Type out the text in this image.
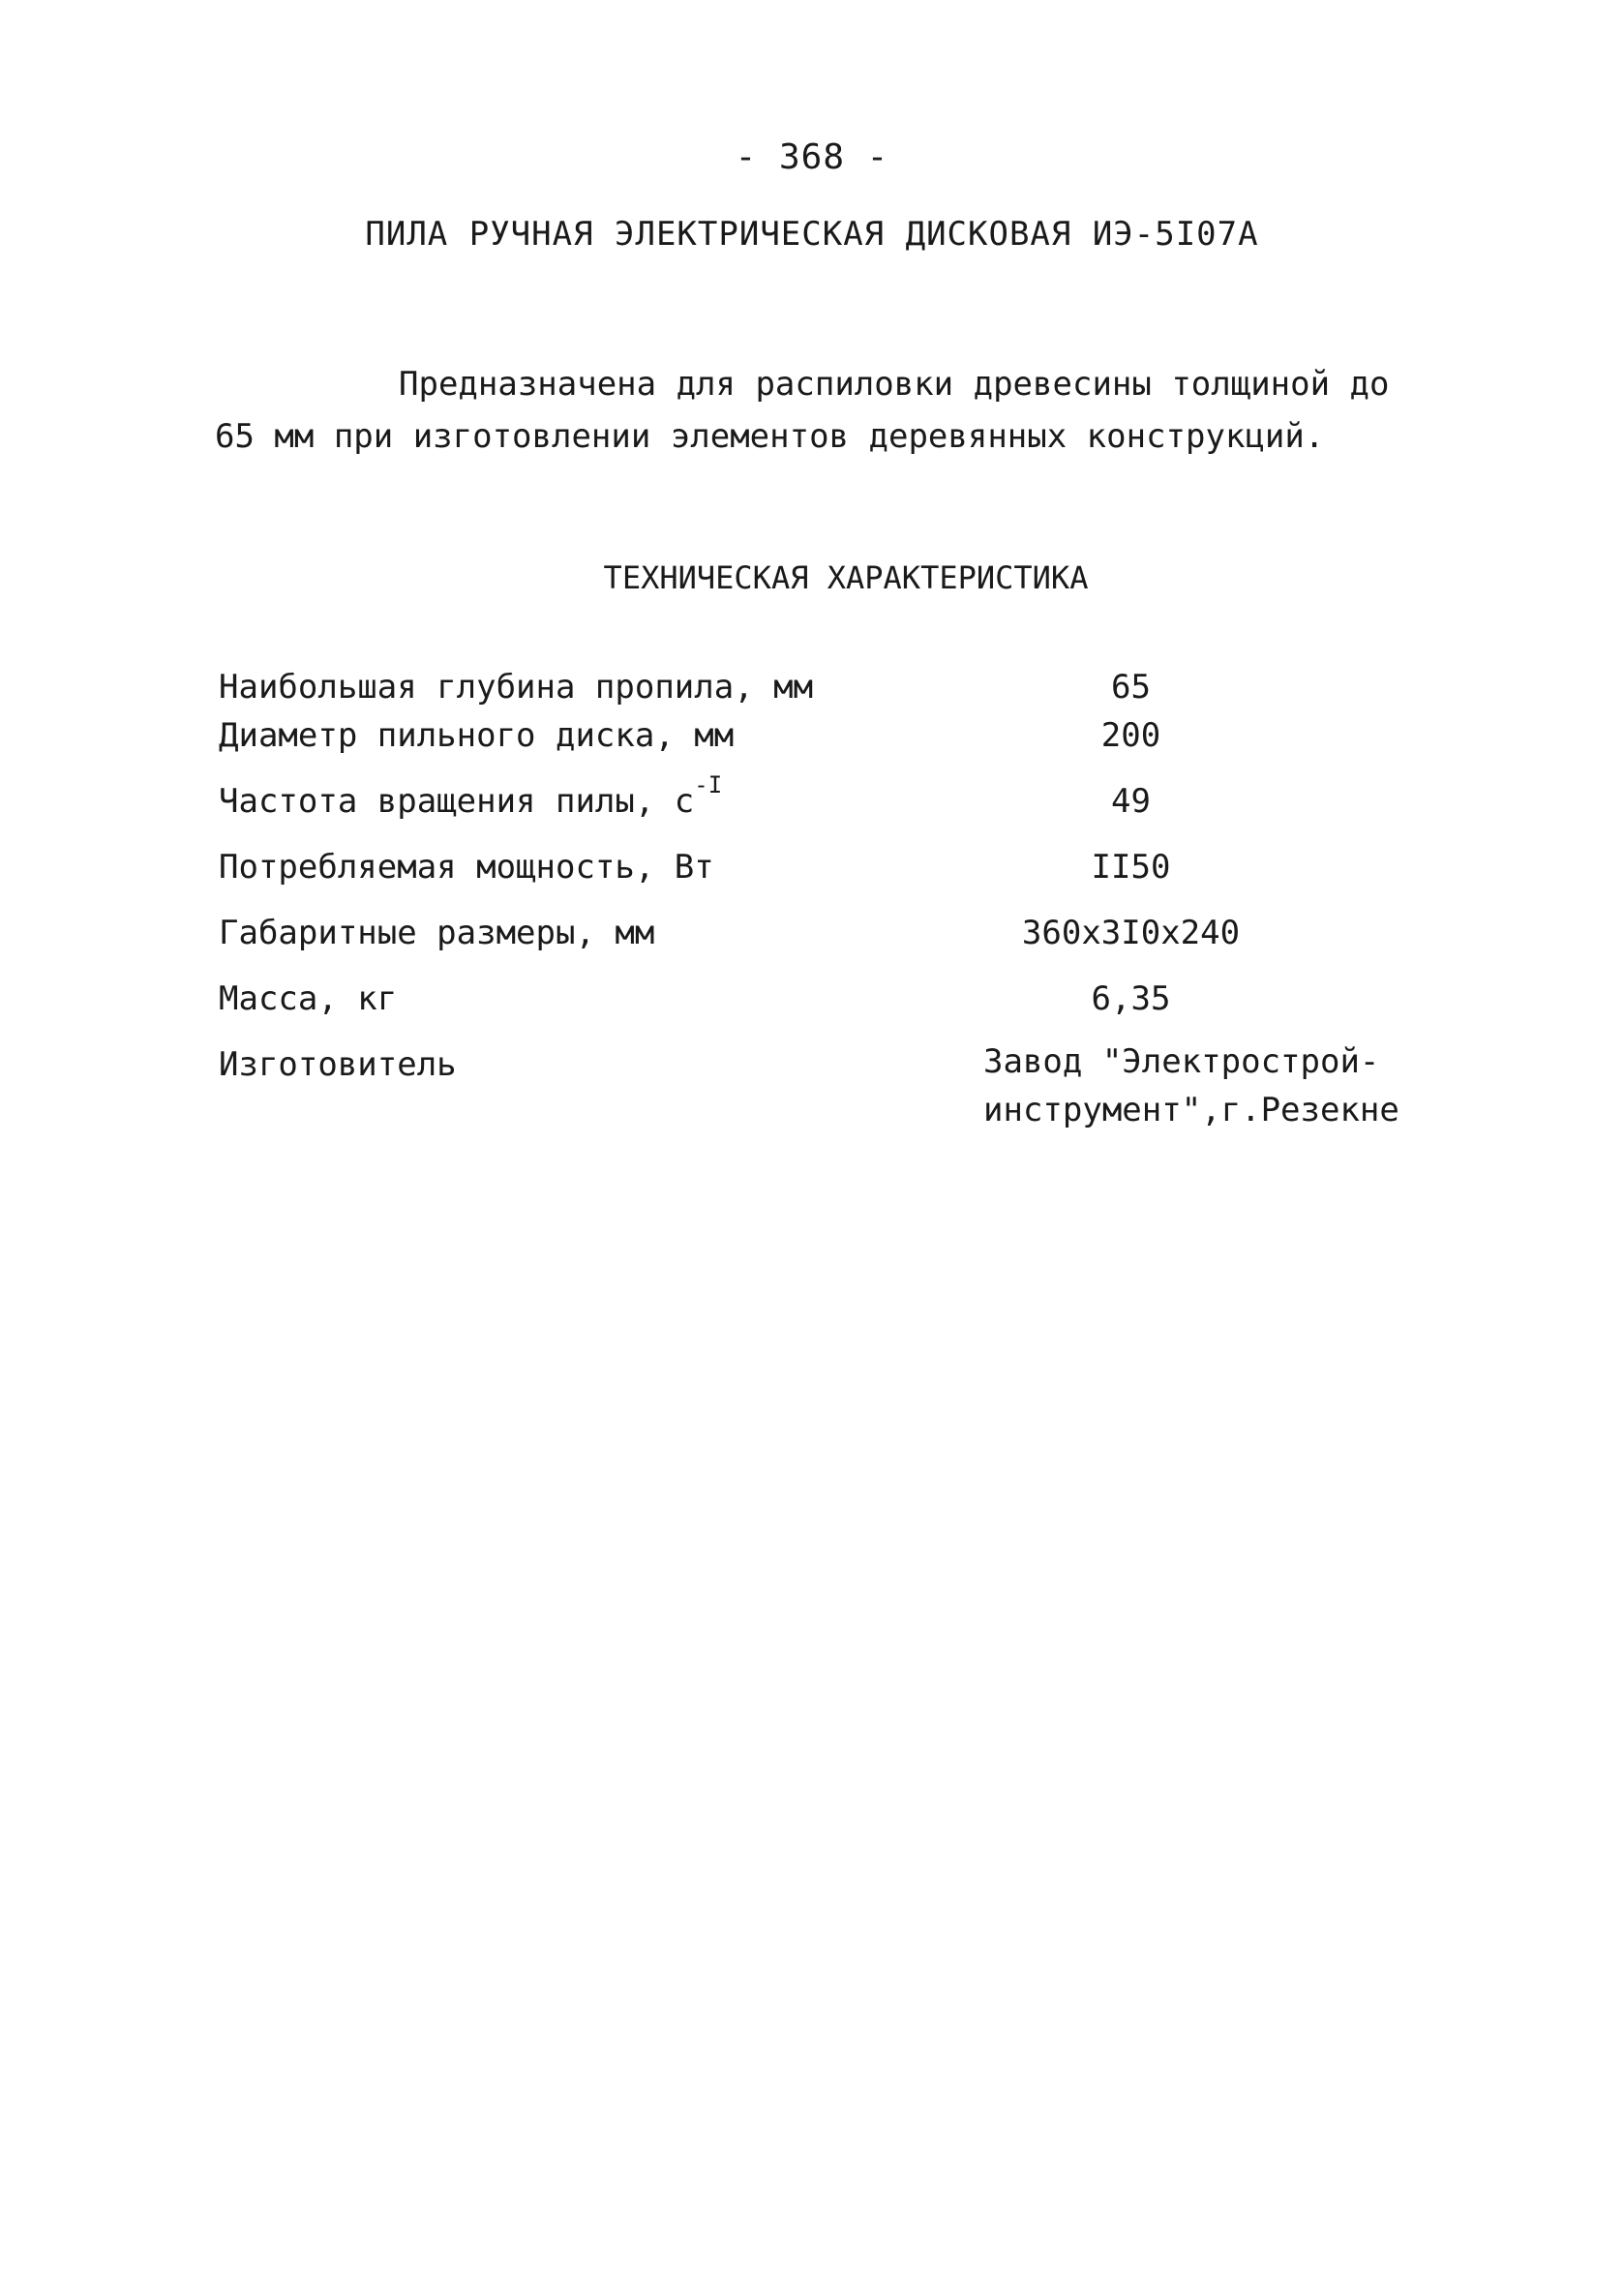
- 368 -
ПИЛА РУЧНАЯ ЭЛЕКТРИЧЕСКАЯ ДИСКОВАЯ ИЭ-5I07А
Предназначена для распиловки древесины толщиной до 65 мм при изготовлении элементов деревянных конструкций.
ТЕХНИЧЕСКАЯ ХАРАКТЕРИСТИКА
Наибольшая глубина пропила, мм	65
Диаметр пильного диска, мм	200
Частота вращения пилы, $с^{-I}$	49
Потребляемая мощность, Вт	II50
Габаритные размеры, мм	360х3I0х240
Масса, кг	6,35
Изготовитель	Завод "Электрострой-
инструмент",г.Резекне
